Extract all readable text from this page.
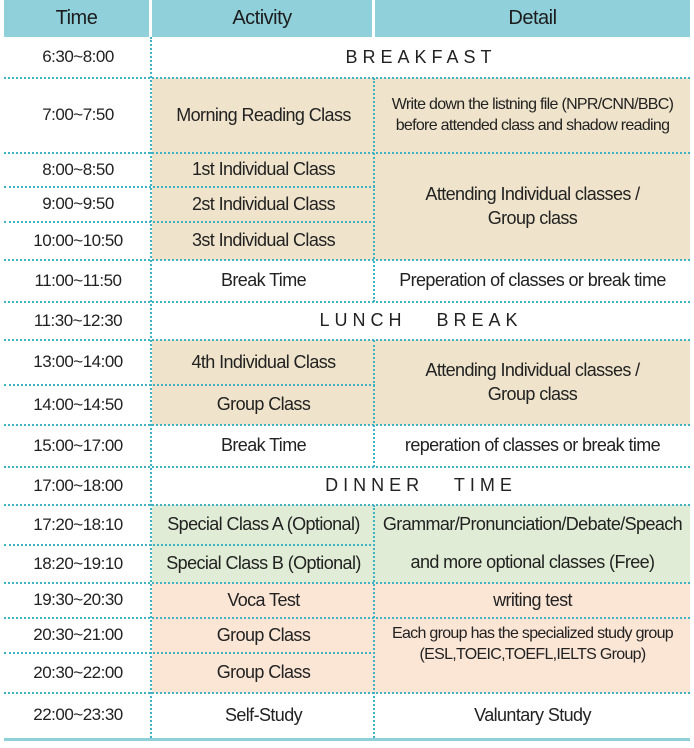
Time	Activity	Detail
6:30~8:00
7:00~7:50
8:00~8:50
9:00~9:50
10:00~10:50
11:00~11:50
11:30~12:30
13:00~14:00
14:00~14:50
15:00~17:00
17:00~18:00
17:20~18:10
18:20~19:10
19:30~20:30
20:30~21:00
20:30~22:00
22:00~23:30
BREAKFAST
LUNCH   BREAK
DINNER   TIME
Morning Reading Class
1st Individual Class
2st Individual Class
3st Individual Class
Break Time
4th Individual Class
Group Class
Break Time
Special Class A (Optional)
Special Class B (Optional)
Voca Test
Group Class
Group Class
Self-Study
Write down the listning file (NPR/CNN/BBC) before attended class and shadow reading
Attending Individual classes / Group class
Preperation of classes or break time
Attending Individual classes / Group class
reperation of classes or break time
Grammar/Pronunciation/Debate/Speach and more optional classes (Free)
writing test
Each group has the specialized study group (ESL,TOEIC,TOEFL,IELTS Group)
Valuntary Study
